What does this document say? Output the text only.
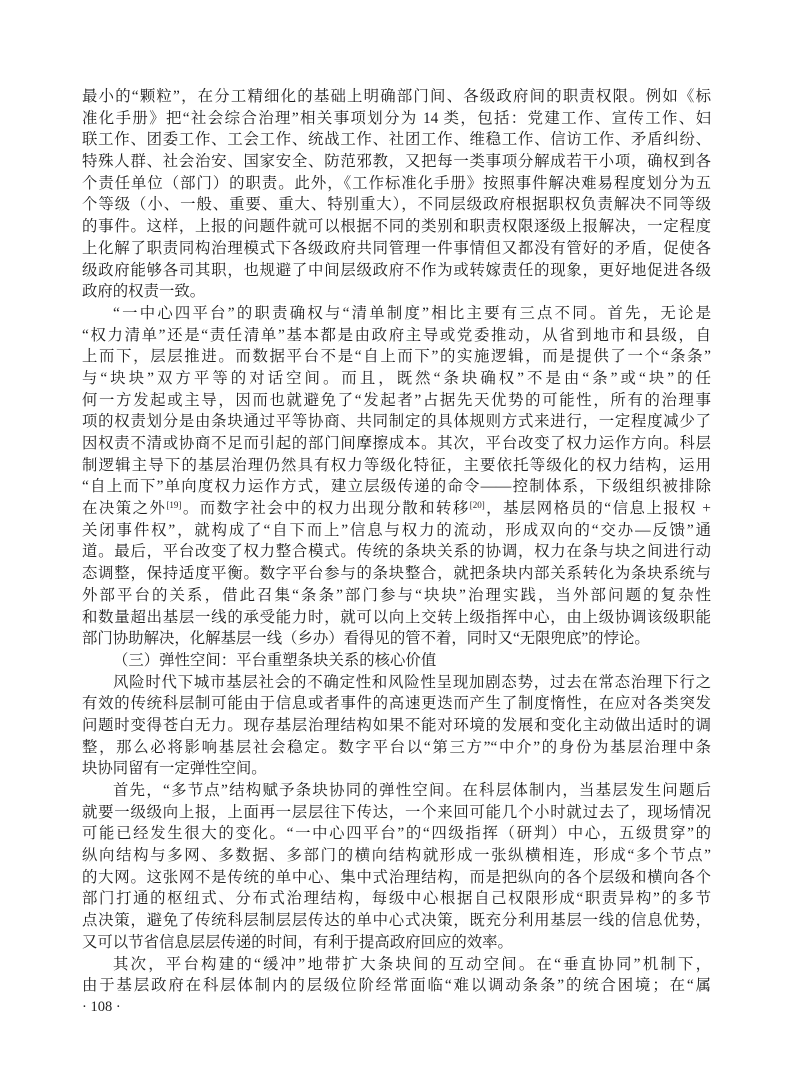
最小的“颗粒”，在分工精细化的基础上明确部门间、各级政府间的职责权限。例如《标
准化手册》把“社会综合治理”相关事项划分为 14 类，包括：党建工作、宣传工作、妇
联工作、团委工作、工会工作、统战工作、社团工作、维稳工作、信访工作、矛盾纠纷、
特殊人群、社会治安、国家安全、防范邪教，又把每一类事项分解成若干小项，确权到各
个责任单位（部门）的职责。此外，《工作标准化手册》按照事件解决难易程度划分为五
个等级（小、一般、重要、重大、特别重大），不同层级政府根据职权负责解决不同等级
的事件。这样，上报的问题件就可以根据不同的类别和职责权限逐级上报解决，一定程度
上化解了职责同构治理模式下各级政府共同管理一件事情但又都没有管好的矛盾，促使各
级政府能够各司其职，也规避了中间层级政府不作为或转嫁责任的现象，更好地促进各级
政府的权责一致。
“一中心四平台”的职责确权与“清单制度”相比主要有三点不同。首先，无论是
“权力清单”还是“责任清单”基本都是由政府主导或党委推动，从省到地市和县级，自
上而下，层层推进。而数据平台不是“自上而下”的实施逻辑，而是提供了一个“条条”
与“块块”双方平等的对话空间。而且，既然“条块确权”不是由“条”或“块”的任
何一方发起或主导，因而也就避免了“发起者”占据先天优势的可能性，所有的治理事
项的权责划分是由条块通过平等协商、共同制定的具体规则方式来进行，一定程度减少了
因权责不清或协商不足而引起的部门间摩擦成本。其次，平台改变了权力运作方向。科层
制逻辑主导下的基层治理仍然具有权力等级化特征，主要依托等级化的权力结构，运用
“自上而下”单向度权力运作方式，建立层级传递的命令——控制体系，下级组织被排除
在决策之外[19]。而数字社会中的权力出现分散和转移[20]，基层网格员的“信息上报权 +
关闭事件权”，就构成了“自下而上”信息与权力的流动，形成双向的“交办—反馈”通
道。最后，平台改变了权力整合模式。传统的条块关系的协调，权力在条与块之间进行动
态调整，保持适度平衡。数字平台参与的条块整合，就把条块内部关系转化为条块系统与
外部平台的关系，借此召集“条条”部门参与“块块”治理实践，当外部问题的复杂性
和数量超出基层一线的承受能力时，就可以向上交转上级指挥中心，由上级协调该级职能
部门协助解决，化解基层一线（乡办）看得见的管不着，同时又“无限兜底”的悖论。
（三）弹性空间：平台重塑条块关系的核心价值
风险时代下城市基层社会的不确定性和风险性呈现加剧态势，过去在常态治理下行之
有效的传统科层制可能由于信息或者事件的高速更迭而产生了制度惰性，在应对各类突发
问题时变得苍白无力。现存基层治理结构如果不能对环境的发展和变化主动做出适时的调
整，那么必将影响基层社会稳定。数字平台以“第三方”“中介”的身份为基层治理中条
块协同留有一定弹性空间。
首先，“多节点”结构赋予条块协同的弹性空间。在科层体制内，当基层发生问题后
就要一级级向上报，上面再一层层往下传达，一个来回可能几个小时就过去了，现场情况
可能已经发生很大的变化。“一中心四平台”的“四级指挥（研判）中心，五级贯穿”的
纵向结构与多网、多数据、多部门的横向结构就形成一张纵横相连，形成“多个节点”
的大网。这张网不是传统的单中心、集中式治理结构，而是把纵向的各个层级和横向各个
部门打通的枢纽式、分布式治理结构，每级中心根据自己权限形成“职责异构”的多节
点决策，避免了传统科层制层层传达的单中心式决策，既充分利用基层一线的信息优势，
又可以节省信息层层传递的时间，有利于提高政府回应的效率。
其次，平台构建的“缓冲”地带扩大条块间的互动空间。在“垂直协同”机制下，
由于基层政府在科层体制内的层级位阶经常面临“难以调动条条”的统合困境；在“属
· 108 ·
